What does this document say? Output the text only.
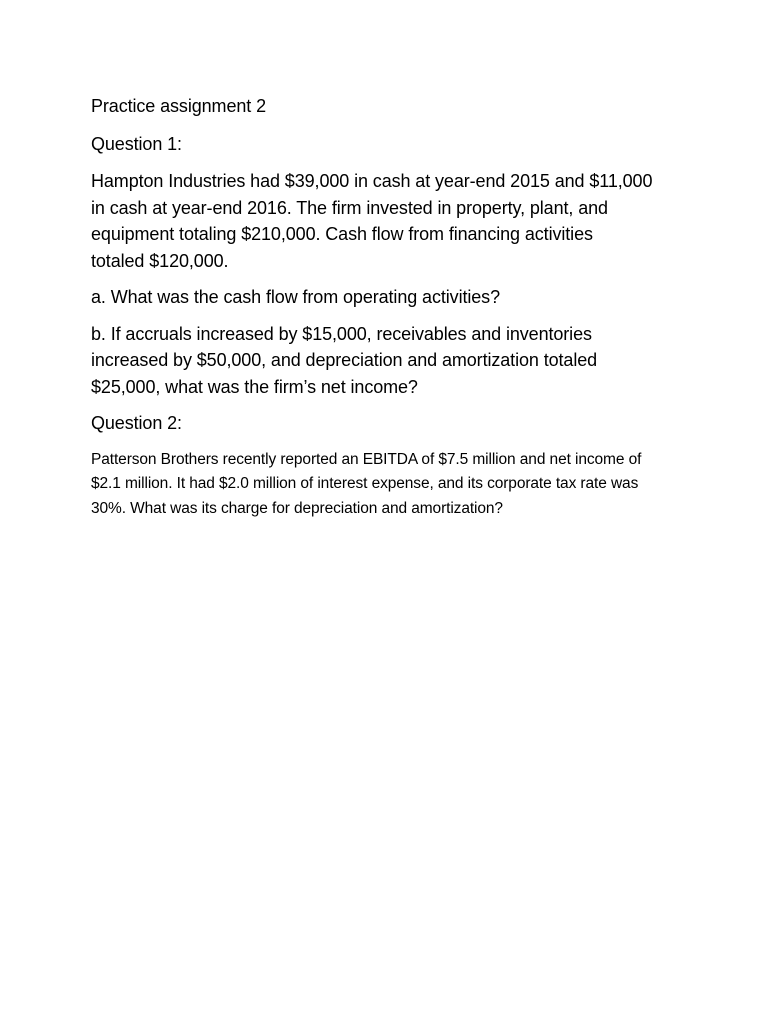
Practice assignment 2

Question 1:

Hampton Industries had $39,000 in cash at year-end 2015 and $11,000

in cash at year-end 2016. The firm invested in property, plant, and

equipment totaling $210,000. Cash flow from financing activities

totaled $120,000.

a. What was the cash flow from operating activities?

b. If accruals increased by $15,000, receivables and inventories

increased by $50,000, and depreciation and amortization totaled

$25,000, what was the firm’s net income?

Question 2:

Patterson Brothers recently reported an EBITDA of $7.5 million and net income of

$2.1 million. It had $2.0 million of interest expense, and its corporate tax rate was

30%. What was its charge for depreciation and amortization?
